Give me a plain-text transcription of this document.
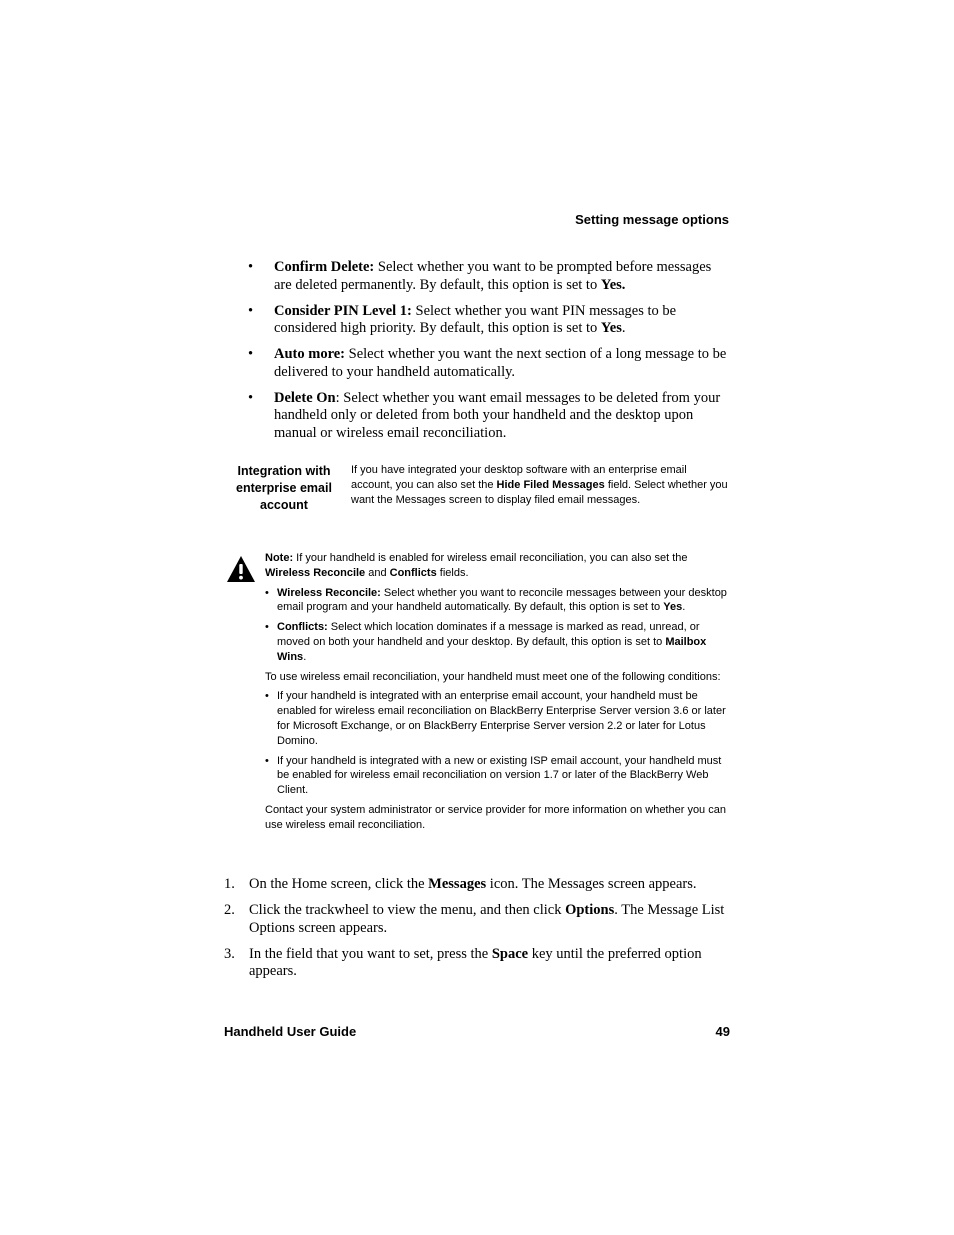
Setting message options
• Confirm Delete: Select whether you want to be prompted before messages are deleted permanently. By default, this option is set to Yes.
• Consider PIN Level 1: Select whether you want PIN messages to be considered high priority. By default, this option is set to Yes.
• Auto more: Select whether you want the next section of a long message to be delivered to your handheld automatically.
• Delete On: Select whether you want email messages to be deleted from your handheld only or deleted from both your handheld and the desktop upon manual or wireless email reconciliation.
Integration with enterprise email account
If you have integrated your desktop software with an enterprise email account, you can also set the Hide Filed Messages field. Select whether you want the Messages screen to display filed email messages.

Note: If your handheld is enabled for wireless email reconciliation, you can also set the Wireless Reconcile and Conflicts fields.

• Wireless Reconcile: Select whether you want to reconcile messages between your desktop email program and your handheld automatically. By default, this option is set to Yes.
• Conflicts: Select which location dominates if a message is marked as read, unread, or moved on both your handheld and your desktop. By default, this option is set to Mailbox Wins.

To use wireless email reconciliation, your handheld must meet one of the following conditions:

• If your handheld is integrated with an enterprise email account, your handheld must be enabled for wireless email reconciliation on BlackBerry Enterprise Server version 3.6 or later for Microsoft Exchange, or on BlackBerry Enterprise Server version 2.2 or later for Lotus Domino.
• If your handheld is integrated with a new or existing ISP email account, your handheld must be enabled for wireless email reconciliation on version 1.7 or later of the BlackBerry Web Client.

Contact your system administrator or service provider for more information on whether you can use wireless email reconciliation.

1. On the Home screen, click the Messages icon. The Messages screen appears.
2. Click the trackwheel to view the menu, and then click Options. The Message List Options screen appears.
3. In the field that you want to set, press the Space key until the preferred option appears.
Handheld User Guide	49
